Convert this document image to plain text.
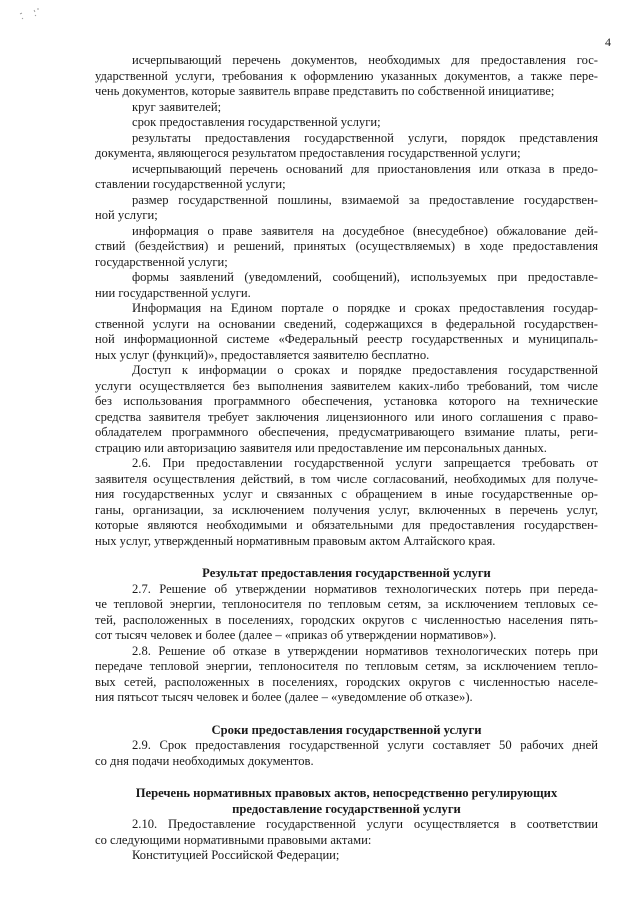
4
исчерпывающий перечень документов, необходимых для предоставления гос-
ударственной услуги, требования к оформлению указанных документов, а также пере-
чень документов, которые заявитель вправе представить по собственной инициативе;
круг заявителей;
срок предоставления государственной услуги;
результаты предоставления государственной услуги, порядок представления
документа, являющегося результатом предоставления государственной услуги;
исчерпывающий перечень оснований для приостановления или отказа в предо-
ставлении государственной услуги;
размер государственной пошлины, взимаемой за предоставление государствен-
ной услуги;
информация о праве заявителя на досудебное (внесудебное) обжалование дей-
ствий (бездействия) и решений, принятых (осуществляемых) в ходе предоставления
государственной услуги;
формы заявлений (уведомлений, сообщений), используемых при предоставле-
нии государственной услуги.
Информация на Едином портале о порядке и сроках предоставления государ-
ственной услуги на основании сведений, содержащихся в федеральной государствен-
ной информационной системе «Федеральный реестр государственных и муниципаль-
ных услуг (функций)», предоставляется заявителю бесплатно.
Доступ к информации о сроках и порядке предоставления государственной
услуги осуществляется без выполнения заявителем каких-либо требований, том числе
без использования программного обеспечения, установка которого на технические
средства заявителя требует заключения лицензионного или иного соглашения с право-
обладателем программного обеспечения, предусматривающего взимание платы, реги-
страцию или авторизацию заявителя или предоставление им персональных данных.
2.6. При предоставлении государственной услуги запрещается требовать от
заявителя осуществления действий, в том числе согласований, необходимых для получе-
ния государственных услуг и связанных с обращением в иные государственные ор-
ганы, организации, за исключением получения услуг, включенных в перечень услуг,
которые являются необходимыми и обязательными для предоставления государствен-
ных услуг, утвержденный нормативным правовым актом Алтайского края.
Результат предоставления государственной услуги
2.7. Решение об утверждении нормативов технологических потерь при переда-
че тепловой энергии, теплоносителя по тепловым сетям, за исключением тепловых се-
тей, расположенных в поселениях, городских округов с численностью населения пять-
сот тысяч человек и более (далее – «приказ об утверждении нормативов»).
2.8. Решение об отказе в утверждении нормативов технологических потерь при
передаче тепловой энергии, теплоносителя по тепловым сетям, за исключением тепло-
вых сетей, расположенных в поселениях, городских округов с численностью населе-
ния пятьсот тысяч человек и более (далее – «уведомление об отказе»).
Сроки предоставления государственной услуги
2.9. Срок предоставления государственной услуги составляет 50 рабочих дней
со дня подачи необходимых документов.
Перечень нормативных правовых актов, непосредственно регулирующих
предоставление государственной услуги
2.10. Предоставление государственной услуги осуществляется в соответствии
со следующими нормативными правовыми актами:
Конституцией Российской Федерации;
